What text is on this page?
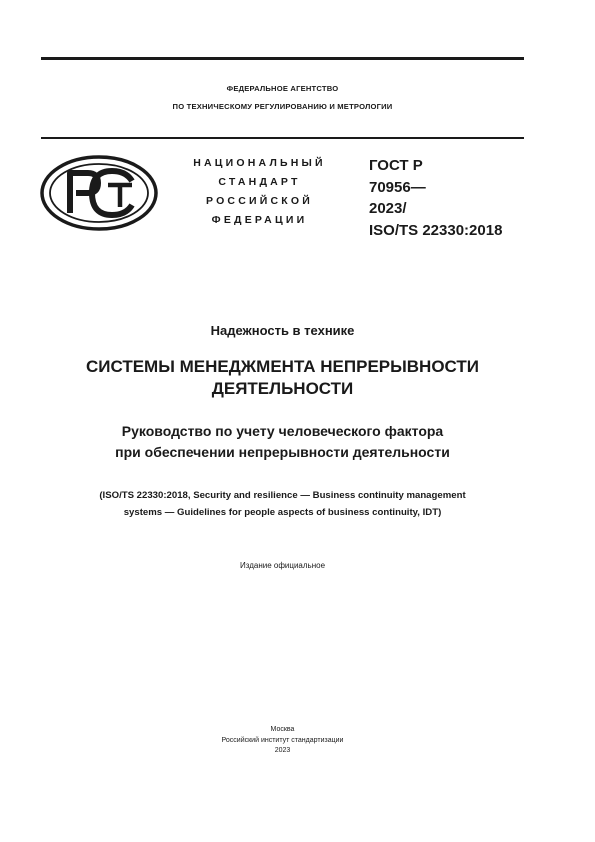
ФЕДЕРАЛЬНОЕ АГЕНТСТВО
ПО ТЕХНИЧЕСКОМУ РЕГУЛИРОВАНИЮ И МЕТРОЛОГИИ
НАЦИОНАЛЬНЫЙ
СТАНДАРТ
РОССИЙСКОЙ
ФЕДЕРАЦИИ
ГОСТ Р
70956—
2023/
ISO/TS 22330:2018
Надежность в технике
СИСТЕМЫ МЕНЕДЖМЕНТА НЕПРЕРЫВНОСТИ
ДЕЯТЕЛЬНОСТИ
Руководство по учету человеческого фактора
при обеспечении непрерывности деятельности
(ISO/TS 22330:2018, Security and resilience — Business continuity management
systems — Guidelines for people aspects of business continuity, IDT)
Издание официальное
Москва
Российский институт стандартизации
2023
